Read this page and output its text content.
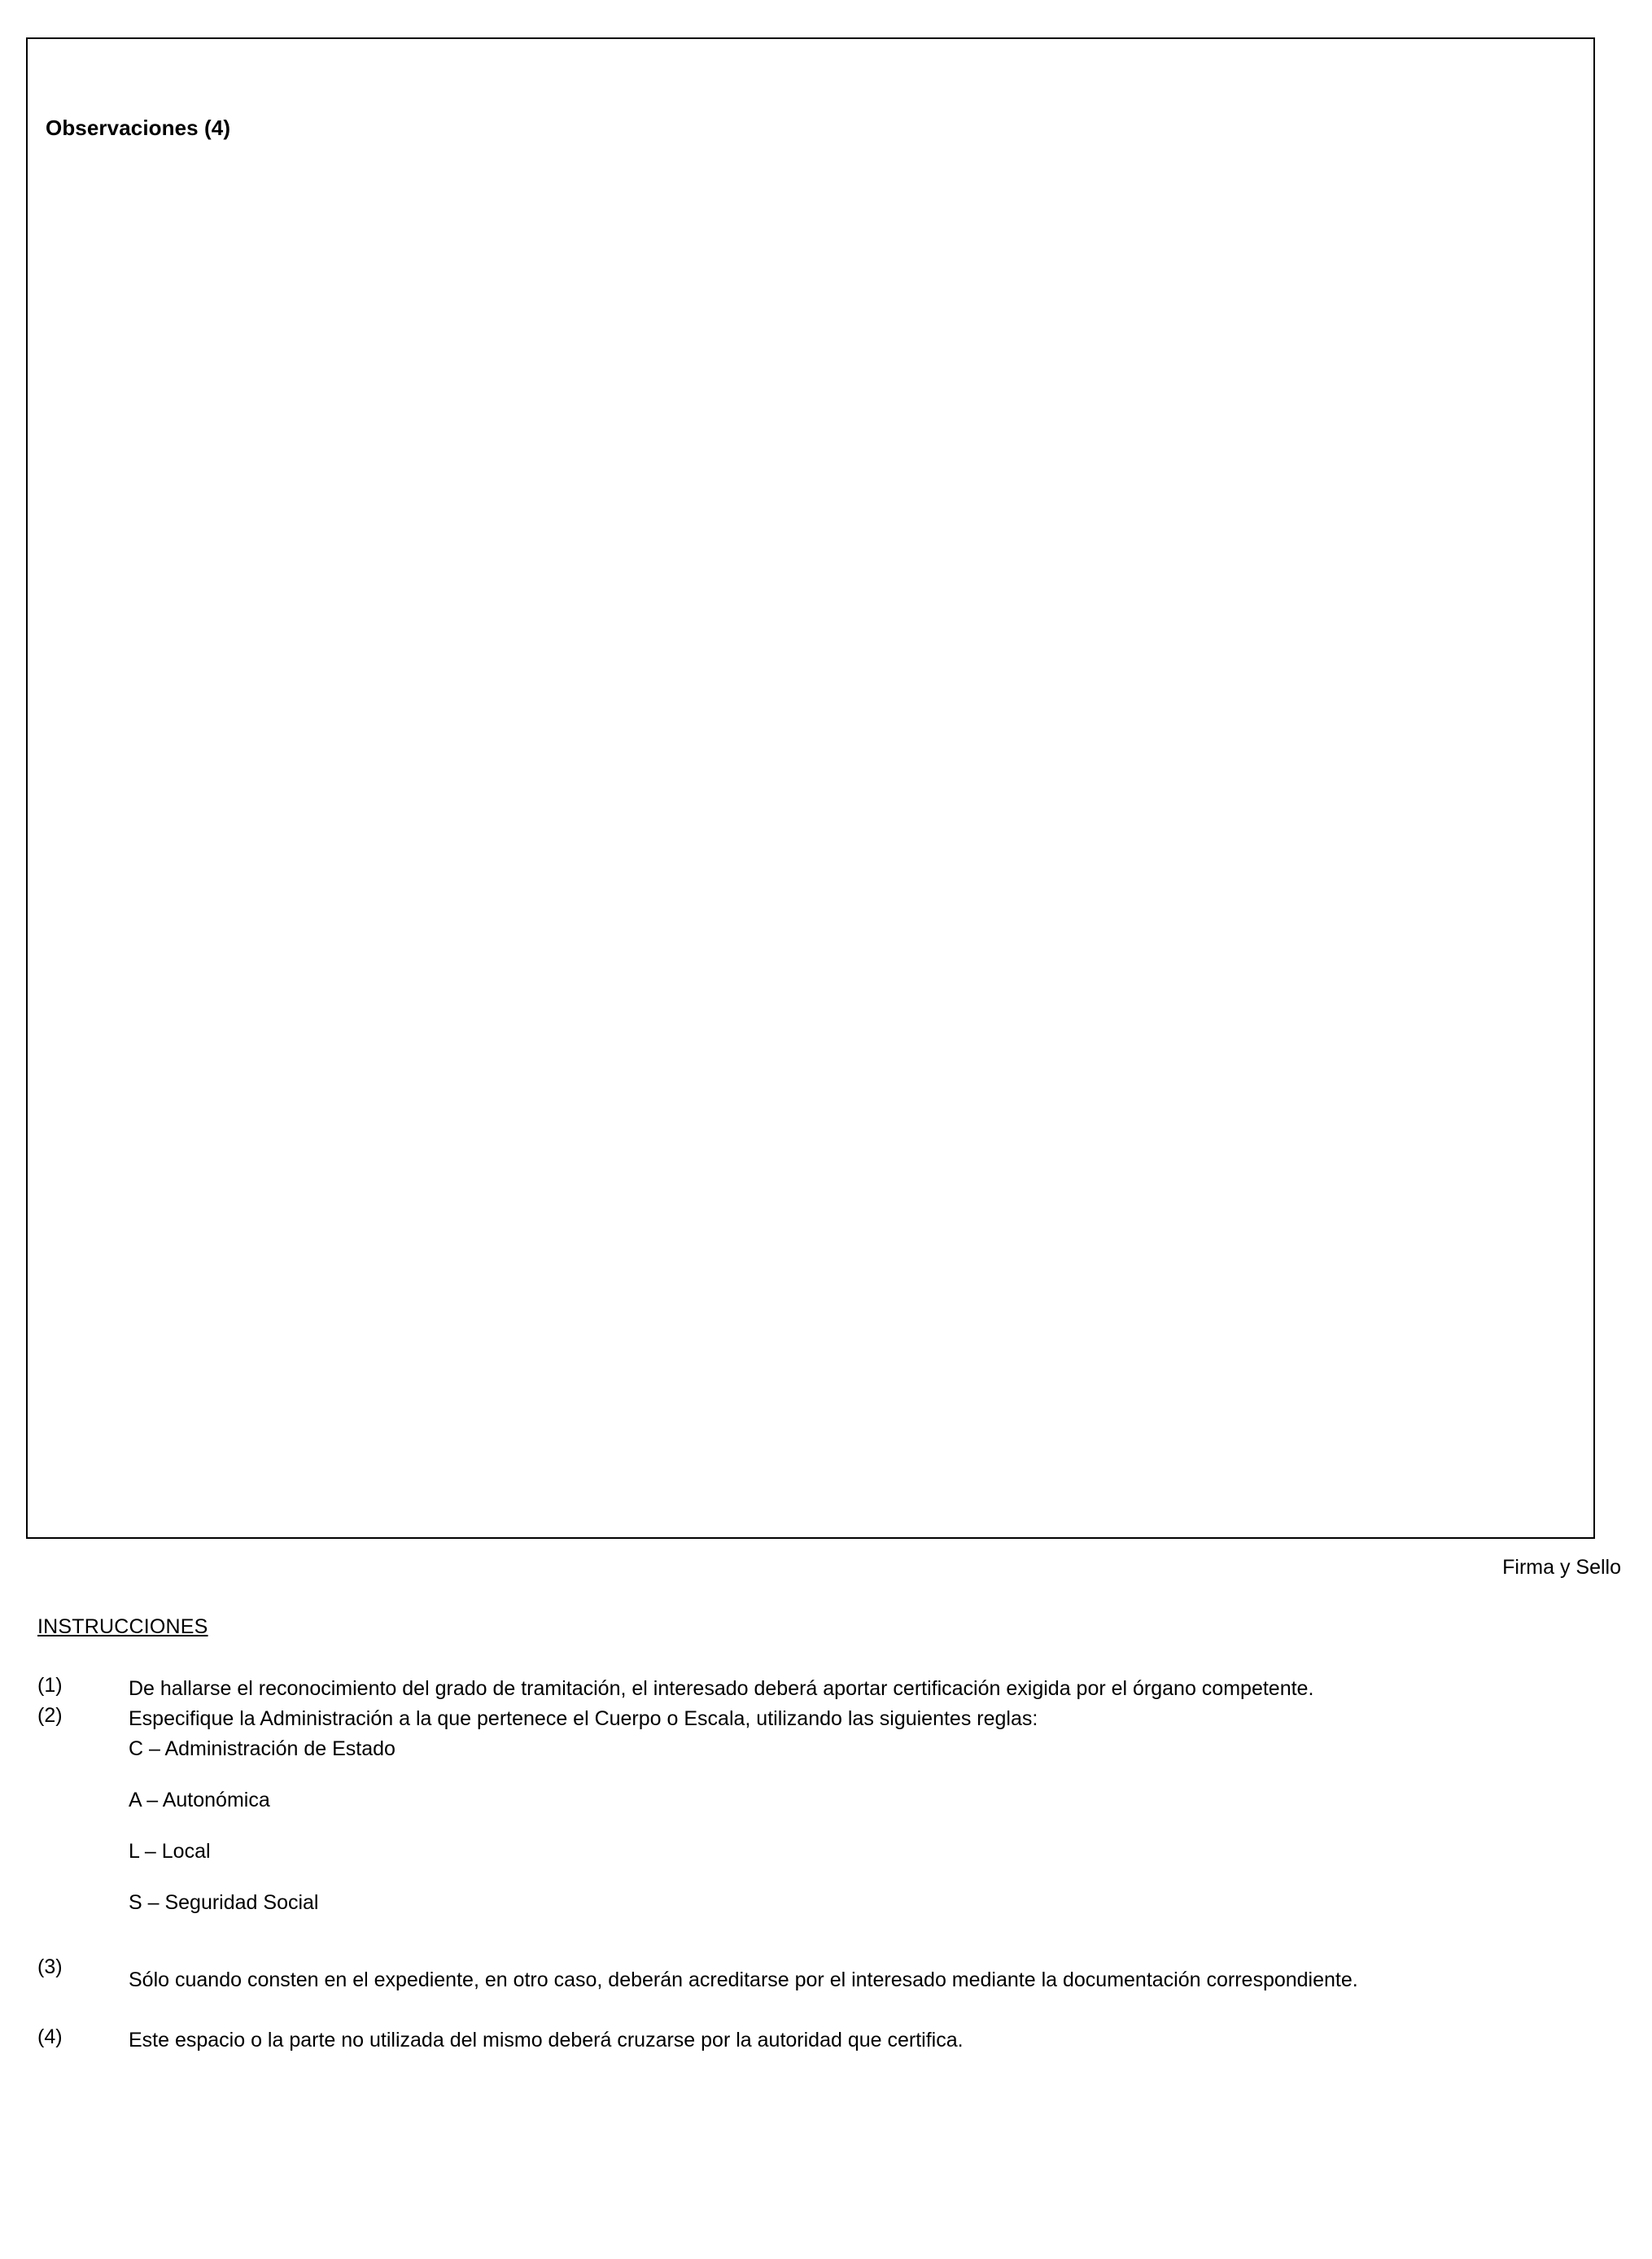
Observaciones (4)
Firma y Sello
INSTRUCCIONES
(1)	De hallarse el reconocimiento del grado de tramitación, el interesado deberá aportar certificación exigida por el órgano competente.
(2)	Especifique la Administración a la que pertenece el Cuerpo o Escala, utilizando las siguientes reglas:
C – Administración de Estado
A – Autonómica
L – Local
S – Seguridad Social
(3)
Sólo cuando consten en el expediente, en otro caso, deberán acreditarse por el interesado mediante la documentación correspondiente.
(4)	Este espacio o la parte no utilizada del mismo deberá cruzarse por la autoridad que certifica.
